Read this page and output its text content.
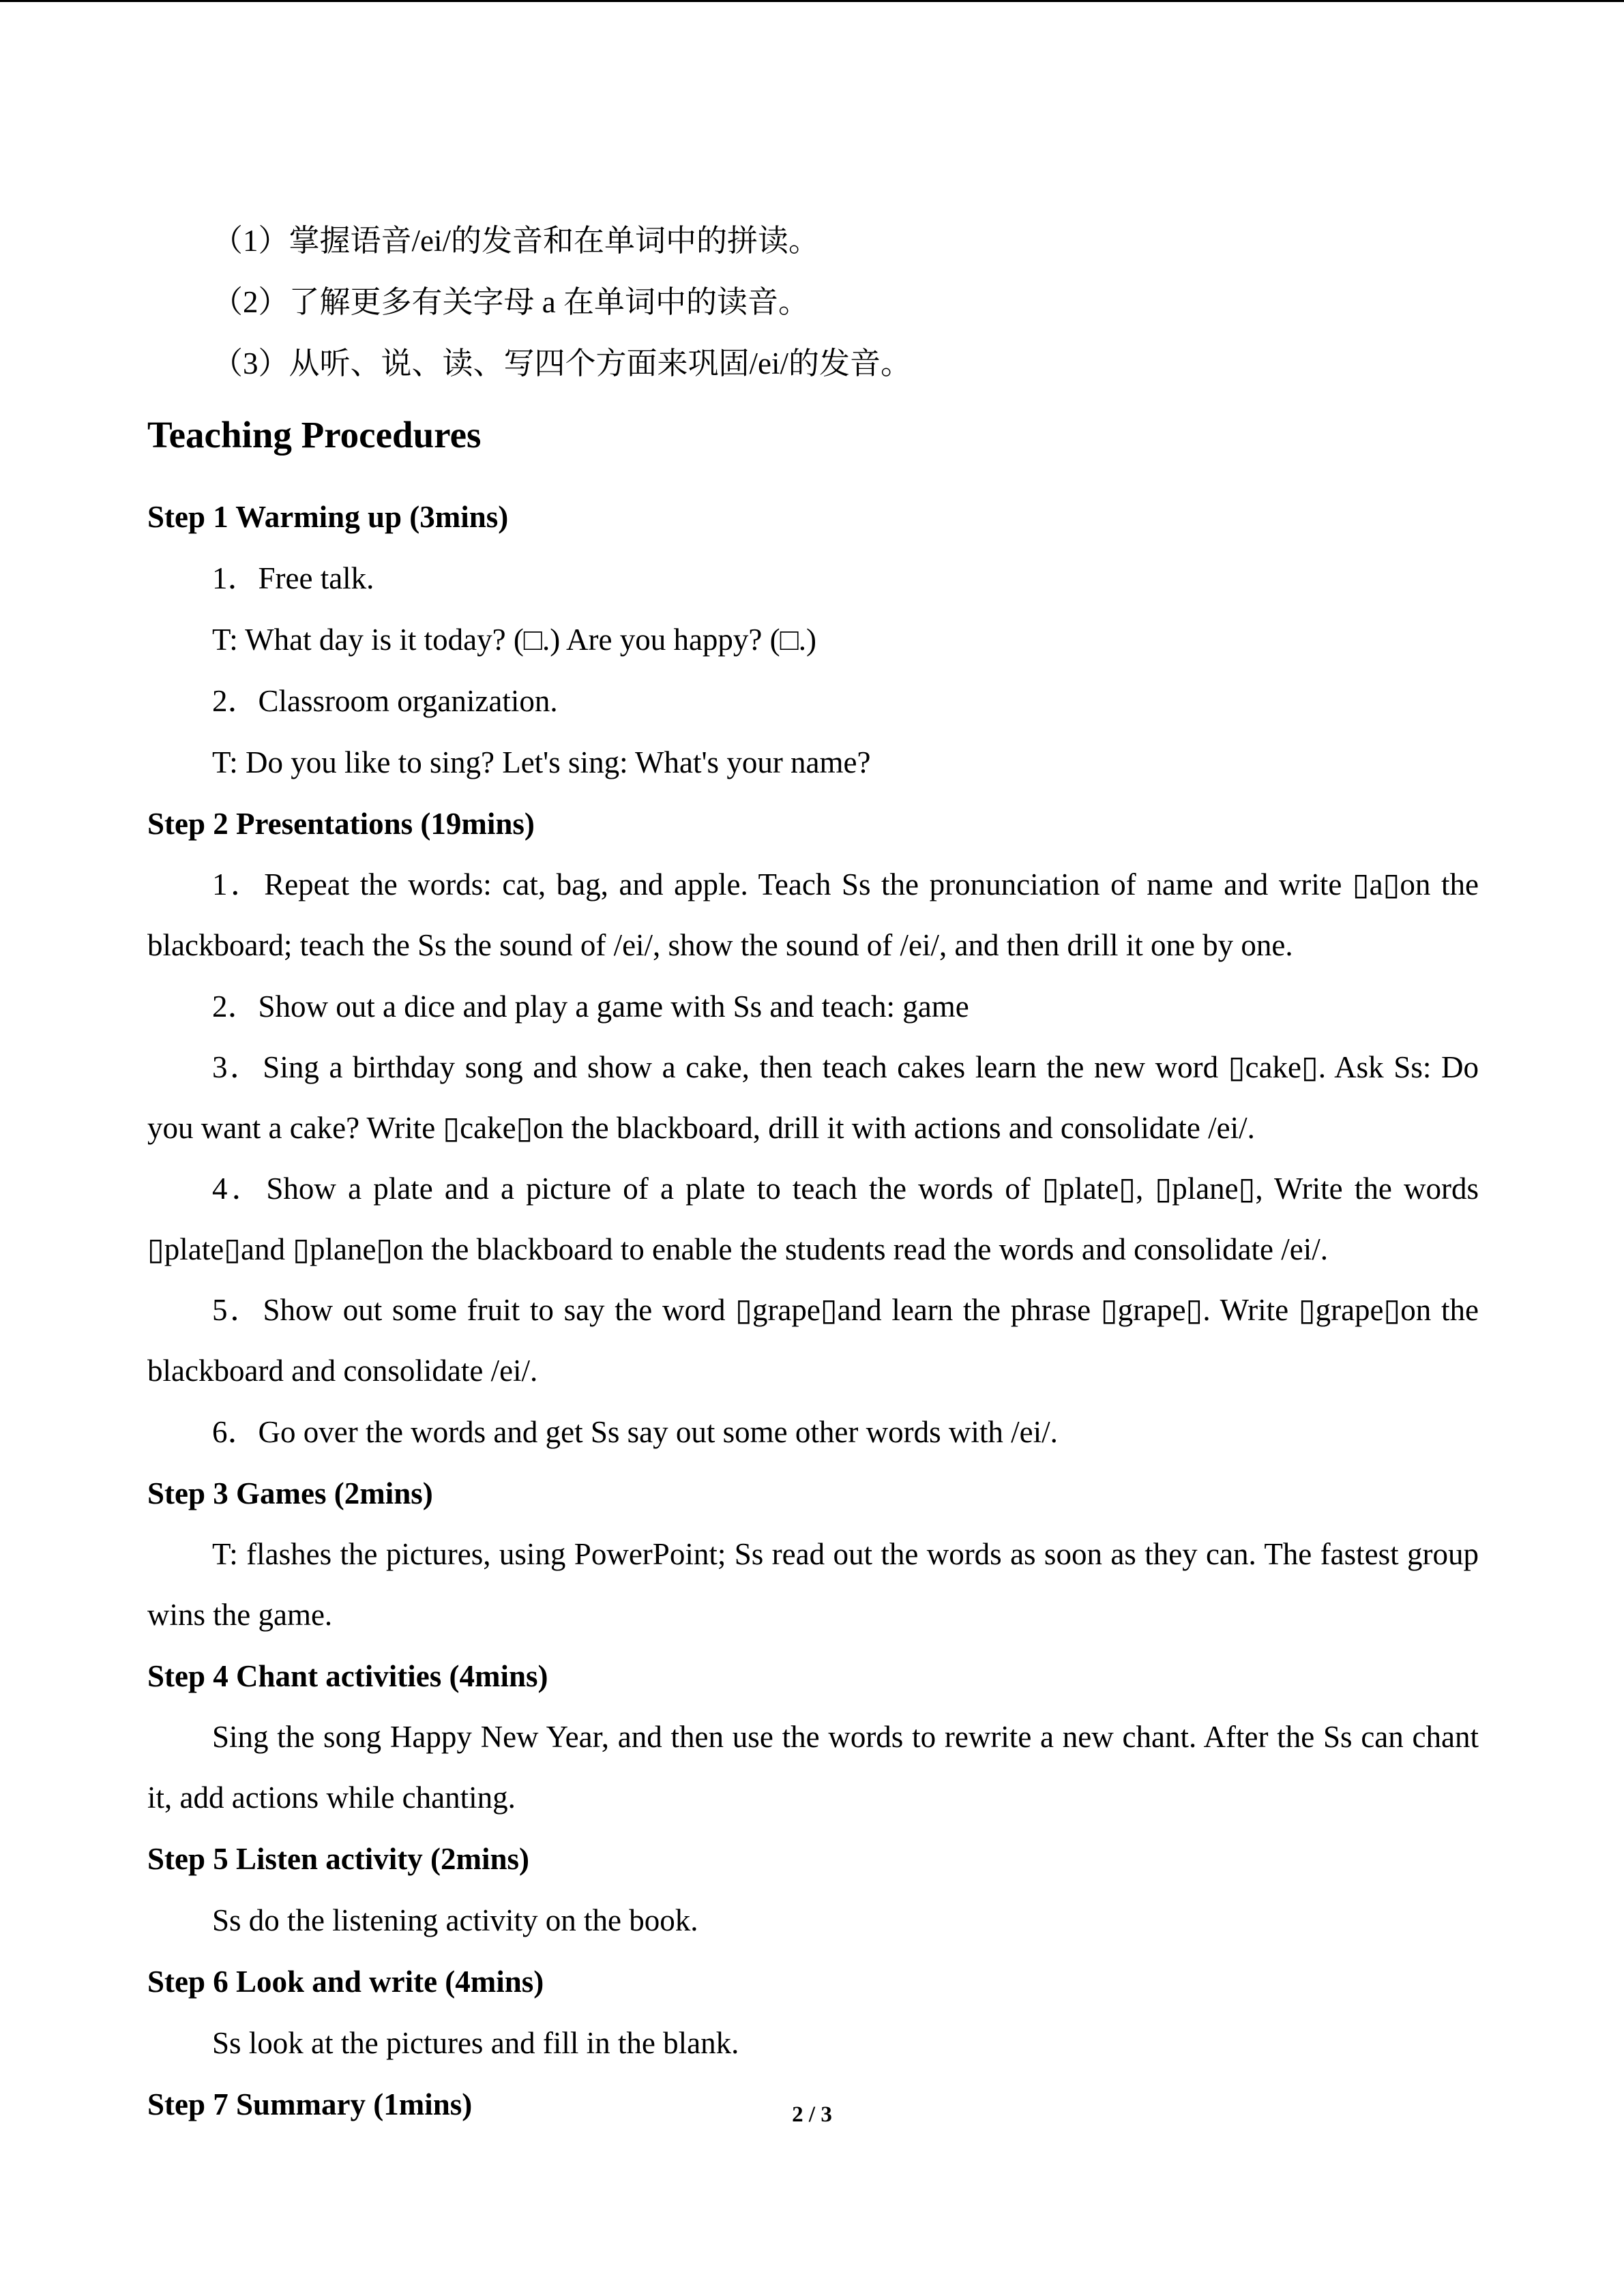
（1）掌握语音/ei/的发音和在单词中的拼读。

（2）了解更多有关字母 a 在单词中的读音。

（3）从听、说、读、写四个方面来巩固/ei/的发音。

Teaching Procedures

Step 1 Warming up (3mins)

1．Free talk.

T: What day is it today? (□.) Are you happy? (□.)

2．Classroom organization.

T: Do you like to sing? Let's sing: What's your name?

Step 2 Presentations (19mins)

1．Repeat the words: cat, bag, and apple. Teach Ss the pronunciation of name and write ▯a▯on the blackboard; teach the Ss the sound of /ei/, show the sound of /ei/, and then drill it one by one.

2．Show out a dice and play a game with Ss and teach: game

3．Sing a birthday song and show a cake, then teach cakes learn the new word ▯cake▯. Ask Ss: Do you want a cake? Write ▯cake▯on the blackboard, drill it with actions and consolidate /ei/.

4．Show a plate and a picture of a plate to teach the words of ▯plate▯, ▯plane▯, Write the words ▯plate▯and ▯plane▯on the blackboard to enable the students read the words and consolidate /ei/.

5．Show out some fruit to say the word ▯grape▯and learn the phrase ▯grape▯. Write ▯grape▯on the blackboard and consolidate /ei/.

6．Go over the words and get Ss say out some other words with /ei/.

Step 3 Games (2mins)

T: flashes the pictures, using PowerPoint; Ss read out the words as soon as they can. The fastest group wins the game.

Step 4 Chant activities (4mins)

Sing the song Happy New Year, and then use the words to rewrite a new chant. After the Ss can chant it, add actions while chanting.

Step 5 Listen activity (2mins)

Ss do the listening activity on the book.

Step 6 Look and write (4mins)

Ss look at the pictures and fill in the blank.

Step 7 Summary (1mins)	2 / 3
